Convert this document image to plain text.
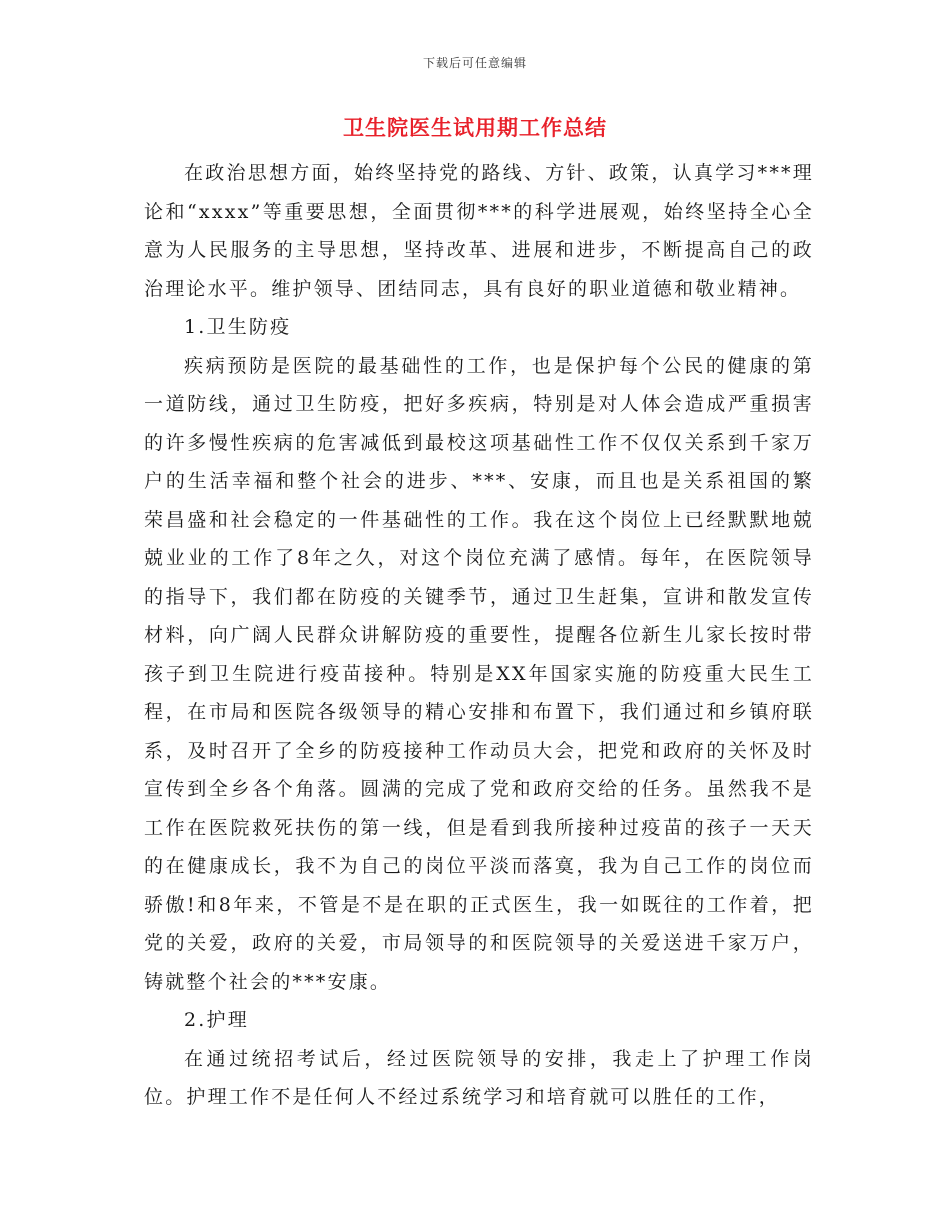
下载后可任意编辑
卫生院医生试用期工作总结

在政治思想方面，始终坚持党的路线、方针、政策，认真学习***理论和“xxxx”等重要思想，全面贯彻***的科学进展观，始终坚持全心全意为人民服务的主导思想，坚持改革、进展和进步，不断提高自己的政治理论水平。维护领导、团结同志，具有良好的职业道德和敬业精神。

1.卫生防疫

疾病预防是医院的最基础性的工作，也是保护每个公民的健康的第一道防线，通过卫生防疫，把好多疾病，特别是对人体会造成严重损害的许多慢性疾病的危害减低到最校这项基础性工作不仅仅关系到千家万户的生活幸福和整个社会的进步、***、安康，而且也是关系祖国的繁荣昌盛和社会稳定的一件基础性的工作。我在这个岗位上已经默默地兢兢业业的工作了8年之久，对这个岗位充满了感情。每年，在医院领导的指导下，我们都在防疫的关键季节，通过卫生赶集，宣讲和散发宣传材料，向广阔人民群众讲解防疫的重要性，提醒各位新生儿家长按时带孩子到卫生院进行疫苗接种。特别是XX年国家实施的防疫重大民生工程，在市局和医院各级领导的精心安排和布置下，我们通过和乡镇府联系，及时召开了全乡的防疫接种工作动员大会，把党和政府的关怀及时宣传到全乡各个角落。圆满的完成了党和政府交给的任务。虽然我不是工作在医院救死扶伤的第一线，但是看到我所接种过疫苗的孩子一天天的在健康成长，我不为自己的岗位平淡而落寞，我为自己工作的岗位而骄傲!和8年来，不管是不是在职的正式医生，我一如既往的工作着，把党的关爱，政府的关爱，市局领导的和医院领导的关爱送进千家万户，铸就整个社会的***安康。

2.护理

在通过统招考试后，经过医院领导的安排，我走上了护理工作岗位。护理工作不是任何人不经过系统学习和培育就可以胜任的工作，
